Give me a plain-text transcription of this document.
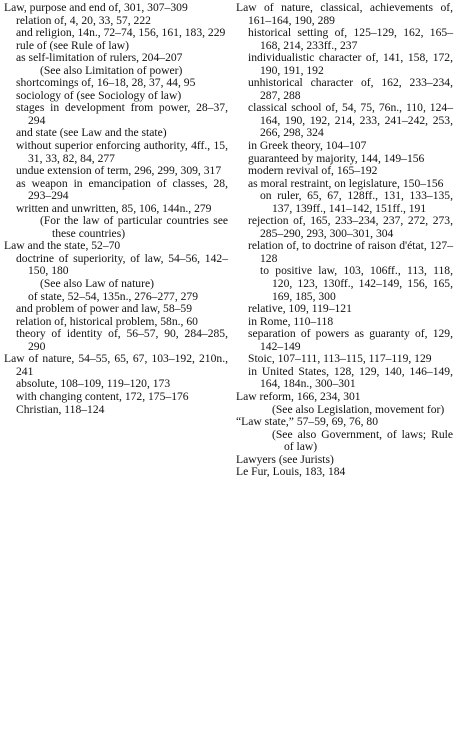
Law, purpose and end of, 301, 307–309

relation of, 4, 20, 33, 57, 222

and religion, 14n., 72–74, 156, 161, 183, 229

rule of (see Rule of law)

as self-limitation of rulers, 204–207

(See also Limitation of power)

shortcomings of, 16–18, 28, 37, 44, 95

sociology of (see Sociology of law)

stages in development from power, 28–37, 294

and state (see Law and the state)

without superior enforcing authority, 4ff., 15, 31, 33, 82, 84, 277

undue extension of term, 296, 299, 309, 317

as weapon in emancipation of classes, 28, 293–294

written and unwritten, 85, 106, 144n., 279

(For the law of particular countries see these countries)

Law and the state, 52–70

doctrine of superiority, of law, 54–56, 142–150, 180

(See also Law of nature)

of state, 52–54, 135n., 276–277, 279

and problem of power and law, 58–59

relation of, historical problem, 58n., 60

theory of identity of, 56–57, 90, 284–285, 290

Law of nature, 54–55, 65, 67, 103–192, 210n., 241

absolute, 108–109, 119–120, 173

with changing content, 172, 175–176

Christian, 118–124

Law of nature, classical, achievements of, 161–164, 190, 289

historical setting of, 125–129, 162, 165–168, 214, 233ff., 237

individualistic character of, 141, 158, 172, 190, 191, 192

unhistorical character of, 162, 233–234, 287, 288

classical school of, 54, 75, 76n., 110, 124–164, 190, 192, 214, 233, 241–242, 253, 266, 298, 324

in Greek theory, 104–107

guaranteed by majority, 144, 149–156

modern revival of, 165–192

as moral restraint, on legislature, 150–156

on ruler, 65, 67, 128ff., 131, 133–135, 137, 139ff., 141–142, 151ff., 191

rejection of, 165, 233–234, 237, 272, 273, 285–290, 293, 300–301, 304

relation of, to doctrine of raison d'état, 127–128

to positive law, 103, 106ff., 113, 118, 120, 123, 130ff., 142–149, 156, 165, 169, 185, 300

relative, 109, 119–121

in Rome, 110–118

separation of powers as guaranty of, 129, 142–149

Stoic, 107–111, 113–115, 117–119, 129

in United States, 128, 129, 140, 146–149, 164, 184n., 300–301

Law reform, 166, 234, 301

(See also Legislation, movement for)

“Law state,” 57–59, 69, 76, 80

(See also Government, of laws; Rule of law)

Lawyers (see Jurists)

Le Fur, Louis, 183, 184
